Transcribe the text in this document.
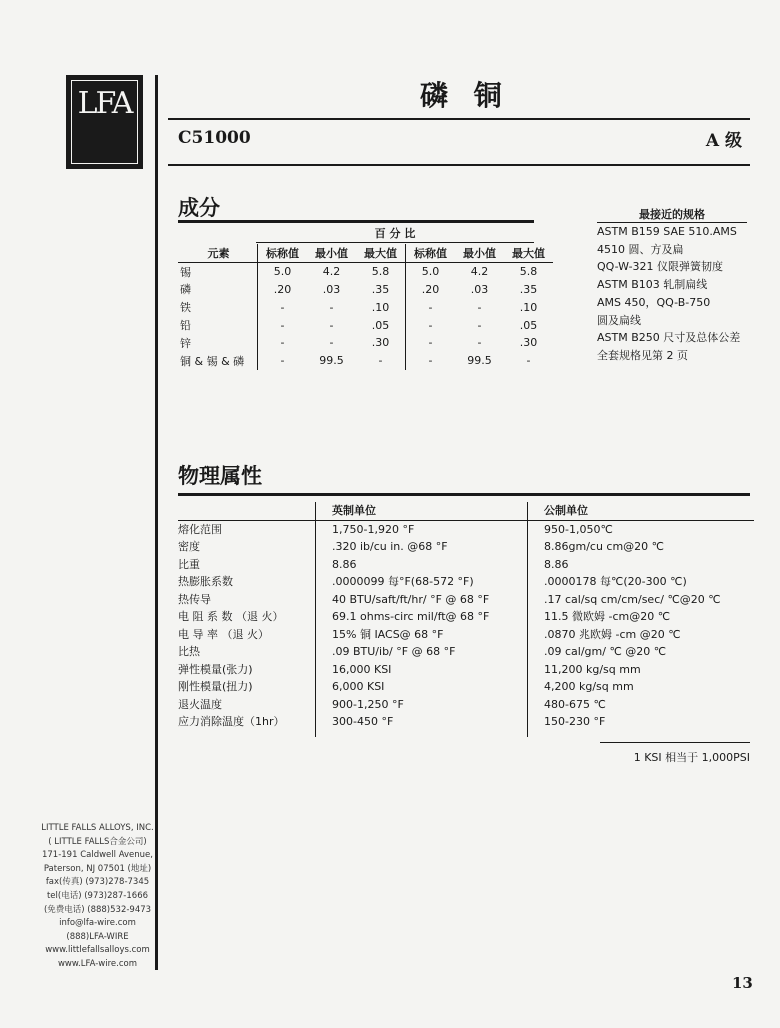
LFA	磷 铜
C51000	A 级
成分
百 分 比
元素	标称值	最小值	最大值	标称值	最小值	最大值
锡	5.0	4.2	5.8	5.0	4.2	5.8
磷	.20	.03	.35	.20	.03	.35
铁	-	-	.10	-	-	.10
铅	-	-	.05	-	-	.05
锌	-	-	.30	-	-	.30
铜 & 锡 & 磷	-	99.5	-	-	99.5	-
最接近的规格
ASTM B159 SAE 510.AMS
4510 圆、方及扁
QQ-W-321 仪限弹簧韧度
ASTM B103 轧制扁线
AMS 450，QQ-B-750
圆及扁线
ASTM B250 尺寸及总体公差
全套规格见第 2 页
物理属性
英制单位	公制单位
熔化范围	1,750-1,920 °F	950-1,050℃
密度	.320 ib/cu in. @68 °F	8.86gm/cu cm@20 ℃
比重	8.86	8.86
热膨胀系数	.0000099 每°F(68-572 °F)	.0000178 每℃(20-300 ℃)
热传导	40 BTU/saft/ft/hr/ °F @ 68 °F	.17 cal/sq cm/cm/sec/ ℃@20 ℃
电 阻 系 数 （退 火）	69.1 ohms-circ mil/ft@ 68 °F	11.5 微欧姆 -cm@20 ℃
电 导 率 （退 火）	15% 铜 IACS@ 68 °F	.0870 兆欧姆 -cm @20 ℃
比热	.09 BTU/ib/ °F @ 68 °F	.09 cal/gm/ ℃ @20 ℃
弹性模量(张力)	16,000 KSI	11,200 kg/sq mm
刚性模量(扭力)	6,000 KSI	4,200 kg/sq mm
退火温度	900-1,250 °F	480-675 ℃
应力消除温度（1hr）	300-450 °F	150-230 °F
1 KSI 相当于 1,000PSI
LITTLE FALLS ALLOYS, INC.
( LITTLE FALLS合金公司)
171-191 Caldwell Avenue,
Paterson, NJ 07501 (地址)
fax(传真) (973)278-7345
tel(电话) (973)287-1666
(免费电话) (888)532-9473
info@lfa-wire.com
(888)LFA-WIRE
www.littlefallsalloys.com
www.LFA-wire.com
13
